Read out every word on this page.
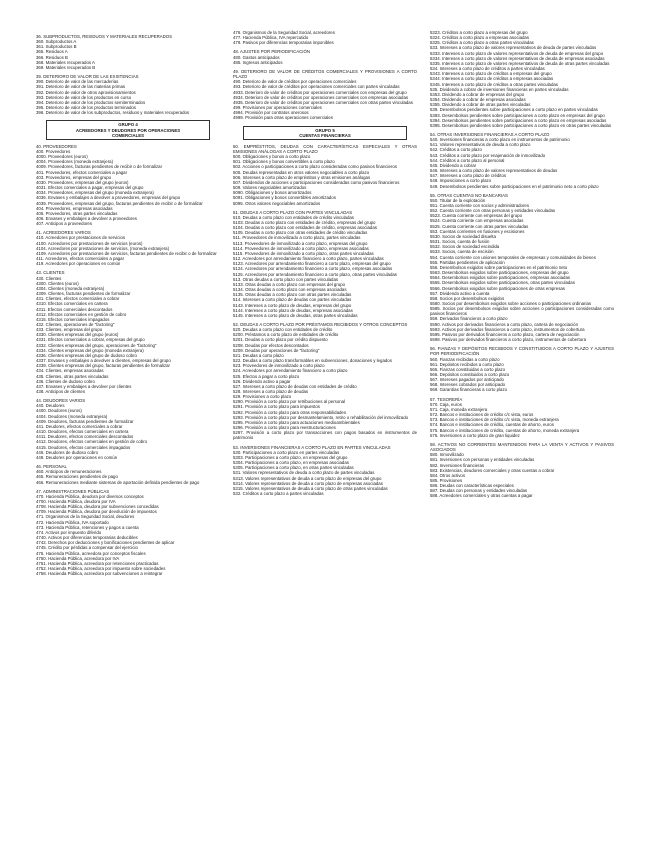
36. SUBPRODUCTOS, RESIDUOS Y MATERIALES RECUPERADOS
360. Subproductos A
361. Subproductos B
365. Residuos A
366. Residuos B
368. Materiales recuperados A
369. Materiales recuperados B
39. DETERIORO DE VALOR DE LAS EXISTENCIAS
390. Deterioro de valor de las mercaderías
391. Deterioro de valor de las materias primas
392. Deterioro de valor de otros aprovisionamientos
393. Deterioro de valor de los productos en curso
394. Deterioro de valor de los productos semiterminados
395. Deterioro de valor de los productos terminados
396. Deterioro de valor de los subproductos, residuos y materiales recuperados
GRUPO 4
ACREEDORES Y DEUDORES POR OPERACIONES
COMERCIALES
40. PROVEEDORES
400. Proveedores
4000. Proveedores (euros)
4004. Proveedores (moneda extranjera)
4009. Proveedores, facturas pendientes de recibir o de formalizar
401. Proveedores, efectos comerciales a pagar
403. Proveedores, empresas del grupo
4030. Proveedores, empresas del grupo (euros)
4031. Efectos comerciales a pagar, empresas del grupo
4034. Proveedores, empresas del grupo (moneda extranjera)
4036. Envases y embalajes a devolver a proveedores, empresas del grupo
4039. Proveedores, empresas del grupo, facturas pendientes de recibir o de formalizar
404. Proveedores, empresas asociadas
405. Proveedores, otras partes vinculadas
406. Envases y embalajes a devolver a proveedores
407. Anticipos a proveedores
41. ACREEDORES VARIOS
410. Acreedores por prestaciones de servicios
4100. Acreedores por prestaciones de servicios (euros)
4104. Acreedores por prestaciones de servicios, (moneda extranjera)
4109. Acreedores por prestaciones de servicios, facturas pendientes de recibir o de formalizar
411. Acreedores, efectos comerciales a pagar
419. Acreedores por operaciones en común
43. CLIENTES
430. Clientes
4300. Clientes (euros)
4304. Clientes (moneda extranjera)
4309. Clientes, facturas pendientes de formalizar
431. Clientes, efectos comerciales a cobrar
4310. Efectos comerciales en cartera
4311. Efectos comerciales descontados
4312. Efectos comerciales en gestión de cobro
4315. Efectos comerciales impagados
432. Clientes, operaciones de "factoring"
433. Clientes, empresas del grupo
4330. Clientes empresas del grupo (euros)
4331. Efectos comerciales a cobrar, empresas del grupo
4332. Clientes empresas del grupo, operaciones de "factoring"
4334. Clientes empresas del grupo (moneda extranjera)
4336. Clientes empresas del grupo de dudoso cobro
4337. Envases y embalajes a devolver a clientes, empresas del grupo
4339. Clientes empresas del grupo, facturas pendientes de formalizar
434. Clientes, empresas asociadas
435. Clientes, otras partes vinculadas
436. Clientes de dudoso cobro
437. Envases y embalajes a devolver por clientes
438. Anticipos de clientes
44. DEUDORES VARIOS
440. Deudores
4400. Deudores (euros)
4404. Deudores (moneda extranjera)
4409. Deudores, facturas pendientes de formalizar
441. Deudores, efectos comerciales a cobrar
4410. Deudores, efectos comerciales en cartera
4411. Deudores, efectos comerciales descontados
4412. Deudores, efectos comerciales en gestión de cobro
4415. Deudores, efectos comerciales impagados
446. Deudores de dudoso cobro
449. Deudores por operaciones en común
46. PERSONAL
460. Anticipos de remuneraciones
465. Remuneraciones pendientes de pago
466. Remuneraciones mediante sistemas de aportación definida pendientes de pago
47. ADMINISTRACIONES PÚBLICAS
470. Hacienda Pública, deudora por diversos conceptos
4700. Hacienda Pública, deudora por IVA
4708. Hacienda Pública, deudora por subvenciones concedidas
4709. Hacienda Pública, deudora por devolución de impuestos
471. Organismos de la Seguridad Social, deudores
472. Hacienda Pública, IVA soportado
473. Hacienda Pública, retenciones y pagos a cuenta
474. Activos por impuesto diferido
4740. Activos por diferencias temporarias deducibles
4742. Derechos por deducciones y bonificaciones pendientes de aplicar
4745. Crédito por pérdidas a compensar del ejercicio
475. Hacienda Pública, acreedora por conceptos fiscales
4750. Hacienda Pública, acreedora por IVA
4751. Hacienda Pública, acreedora por retenciones practicadas
4752. Hacienda Pública, acreedora por impuesto sobre sociedades
4758. Hacienda Pública, acreedora por subvenciones a reintegrar
476. Organismos de la Seguridad Social, acreedores
477. Hacienda Pública, IVA repercutido
479. Pasivos por diferencias temporarias imponibles
48. AJUSTES POR PERIODIFICACIÓN
480. Gastos anticipados
485. Ingresos anticipados
49. DETERIORO DE VALOR DE CRÉDITOS COMERCIALES Y PROVISIONES A CORTO PLAZO
490. Deterioro de valor de créditos por operaciones comerciales
493. Deterioro de valor de créditos por operaciones comerciales con partes vinculadas
4933. Deterioro de valor de créditos por operaciones comerciales con empresas del grupo
4934. Deterioro de valor de créditos por operaciones comerciales con empresas asociadas
4935. Deterioro de valor de créditos por operaciones comerciales con otras partes vinculadas
499. Provisiones por operaciones comerciales
4994. Provisión por contratos onerosos
4999. Provisión para otras operaciones comerciales
GRUPO 5
CUENTAS FINANCIERAS
50. EMPRÉSTITOS, DEUDAS CON CARACTERÍSTICAS ESPECIALES Y OTRAS EMISIONES ANÁLOGAS A CORTO PLAZO
500. Obligaciones y bonos a corto plazo
501. Obligaciones y bonos convertibles a corto plazo
502. Acciones o participaciones a corto plazo consideradas como pasivos financieros
505. Deudas representadas en otros valores negociables a corto plazo
506. Intereses a corto plazo de empréstitos y otras emisiones análogas
507. Dividendos de acciones o participaciones consideradas como pasivos financieros
509. Valores negociables amortizados
5090. Obligaciones y bonos amortizados
5091. Obligaciones y bonos convertibles amortizados
5095. Otros valores negociables amortizados
51. DEUDAS A CORTO PLAZO CON PARTES VINCULADAS
510. Deudas a corto plazo con entidades de crédito vinculadas
5103. Deudas a corto plazo con entidades de crédito, empresas del grupo
5104. Deudas a corto plazo con entidades de crédito, empresas asociadas
5105. Deudas a corto plazo con otras entidades de crédito vinculadas
511. Proveedores de inmovilizado a corto plazo, partes vinculadas
5113. Proveedores de inmovilizado a corto plazo, empresas del grupo
5114. Proveedores de inmovilizado a corto plazo, empresas asociadas
5115. Proveedores de inmovilizado a corto plazo, otras partes vinculadas
512. Acreedores por arrendamiento financiero a corto plazo, partes vinculadas
5123. Acreedores por arrendamiento financiero a corto plazo, empresas del grupo
5124. Acreedores por arrendamiento financiero a corto plazo, empresas asociadas
5125. Acreedores por arrendamiento financiero a corto plazo, otras partes vinculadas
513. Otras deudas a corto plazo con partes vinculadas
5133. Otras deudas a corto plazo con empresas del grupo
5134. Otras deudas a corto plazo con empresas asociadas
5135. Otras deudas a corto plazo con otras partes vinculadas
514. Intereses a corto plazo de deudas con partes vinculadas
5143. Intereses a corto plazo de deudas, empresas del grupo
5144. Intereses a corto plazo de deudas, empresas asociadas
5145. Intereses a corto plazo de deudas, otras partes vinculadas
52. DEUDAS A CORTO PLAZO POR PRÉSTAMOS RECIBIDOS Y OTROS CONCEPTOS
520. Deudas a corto plazo con entidades de crédito
5200. Préstamos a corto plazo de entidades de crédito
5201. Deudas a corto plazo por crédito dispuesto
5208. Deudas por efectos descontados
5209. Deudas por operaciones de "factoring"
521. Deudas a corto plazo
522. Deudas a corto plazo transformables en subvenciones, donaciones y legados
523. Proveedores de inmovilizado a corto plazo
524. Acreedores por arrendamiento financiero a corto plazo
525. Efectos a pagar a corto plazo
526. Dividendo activo a pagar
527. Intereses a corto plazo de deudas con entidades de crédito
528. Intereses a corto plazo de deudas
529. Provisiones a corto plazo
5290. Provisión a corto plazo por retribuciones al personal
5291. Provisión a corto plazo para impuestos
5292. Provisión a corto plazo para otras responsabilidades
5293. Provisión a corto plazo por desmantelamiento, retiro o rehabilitación del inmovilizado
5295. Provisión a corto plazo para actuaciones medioambientales
5296. Provisión a corto plazo para reestructuraciones
5297. Provisión a corto plazo por transacciones con pagos basados en instrumentos de patrimonio
53. INVERSIONES FINANCIERAS A CORTO PLAZO EN PARTES VINCULADAS
530. Participaciones a corto plazo en partes vinculadas
5303. Participaciones a corto plazo, en empresas del grupo
5304. Participaciones a corto plazo, en empresas asociadas
5305. Participaciones a corto plazo, en otras partes vinculadas
531. Valores representativos de deuda a corto plazo de partes vinculadas
5313. Valores representativos de deuda a corto plazo de empresas del grupo
5314. Valores representativos de deuda a corto plazo de empresas asociadas
5315. Valores representativos de deuda a corto plazo de otras partes vinculadas
532. Créditos a corto plazo a partes vinculadas
5323. Créditos a corto plazo a empresas del grupo
5324. Créditos a corto plazo a empresas asociadas
5325. Créditos a corto plazo a otras partes vinculadas
533. Intereses a corto plazo de valores representativos de deuda de partes vinculadas
5333. Intereses a corto plazo de valores representativos de deuda de empresas del grupo
5334. Intereses a corto plazo de valores representativos de deuda de empresas asociadas
5335. Intereses a corto plazo de valores representativos de deuda de otras partes vinculadas
534. Intereses a corto plazo de créditos a partes vinculadas
5343. Intereses a corto plazo de créditos a empresas del grupo
5344. Intereses a corto plazo de créditos a empresas asociadas
5345. Intereses a corto plazo de créditos a otras partes vinculadas
535. Dividendo a cobrar de inversiones financieras en partes vinculadas
5353. Dividendo a cobrar de empresas del grupo
5354. Dividendo a cobrar de empresas asociadas
5355. Dividendo a cobrar de otras partes vinculadas
539. Desembolsos pendientes sobre participaciones a corto plazo en partes vinculadas
5393. Desembolsos pendientes sobre participaciones a corto plazo en empresas del grupo
5394. Desembolsos pendientes sobre participaciones a corto plazo en empresas asociadas
5395. Desembolsos pendientes sobre participaciones a corto plazo en otras partes vinculadas
54. OTRAS INVERSIONES FINANCIERAS A CORTO PLAZO
540. Inversiones financieras a corto plazo en instrumentos de patrimonio
541. Valores representativos de deuda a corto plazo
542. Créditos a corto plazo
543. Créditos a corto plazo por enajenación de inmovilizado
544. Créditos a corto plazo al personal
545. Dividendo a cobrar
546. Intereses a corto plazo de valores representativos de deudas
547. Intereses a corto plazo de créditos
548. Imposiciones a corto plazo
549. Desembolsos pendientes sobre participaciones en el patrimonio neto a corto plazo
55. OTRAS CUENTAS NO BANCARIAS
550. Titular de la explotación
551. Cuenta corriente con socios y administradores
552. Cuenta corriente con otras personas y entidades vinculadas
5523. Cuenta corriente con empresas del grupo
5524. Cuenta corriente con empresas asociadas
5525. Cuenta corriente con otras partes vinculadas
553. Cuentas corrientes en fusiones y escisiones
5530. Socios de sociedad disuelta
5531. Socios, cuenta de fusión
5532. Socios de sociedad escindida
5533. Socios, cuenta de escisión
554. Cuenta corriente con uniones temporales de empresas y comunidades de bienes
555. Partidas pendientes de aplicación
556. Desembolsos exigidos sobre participaciones en el patrimonio neto
5563. Desembolsos exigidos sobre participaciones, empresas del grupo
5564. Desembolsos exigidos sobre participaciones, empresas asociadas
5565. Desembolsos exigidos sobre participaciones, otras partes vinculadas
5566. Desembolsos exigidos sobre participaciones de otras empresas
557. Dividendo activo a cuenta
558. Socios por desembolsos exigidos
5580. Socios por desembolsos exigidos sobre acciones o participaciones ordinarias
5585. Socios por desembolsos exigidos sobre acciones o participaciones consideradas como pasivos financieros
559. Derivados financieros a corto plazo
5590. Activos por derivados financieros a corto plazo, cartera de negociación
5593. Activos por derivados financieros a corto plazo, instrumentos de cobertura
5595. Pasivos por derivados financieros a corto plazo, cartera de negociación
5598. Pasivos por derivados financieros a corto plazo, instrumentos de cobertura
56. FIANZAS Y DEPÓSITOS RECIBIDOS Y CONSTITUIDOS A CORTO PLAZO Y AJUSTES POR PERIODIFICACIÓN
560. Fianzas recibidas a corto plazo
561. Depósitos recibidos a corto plazo
565. Fianzas constituidas a corto plazo
566. Depósitos constituidos a corto plazo
567. Intereses pagados por anticipado
568. Intereses cobrados por anticipado
569. Garantías financieras a corto plazo
57. TESORERÍA
570. Caja, euros
571. Caja, moneda extranjera
572. Bancos e instituciones de crédito c/c vista, euros
573. Bancos e instituciones de crédito c/c vista, moneda extranjera
574. Bancos e instituciones de crédito, cuentas de ahorro, euros
575. Bancos e instituciones de crédito, cuentas de ahorro, moneda extranjera
576. Inversiones a corto plazo de gran liquidez
58. ACTIVOS NO CORRIENTES MANTENIDOS PARA LA VENTA Y ACTIVOS Y PASIVOS ASOCIADOS
580. Inmovilizado
581. Inversiones con personas y entidades vinculadas
582. Inversiones financieras
583. Existencias, deudores comerciales y otras cuentas a cobrar
584. Otros activos
585. Provisiones
586. Deudas con características especiales
587. Deudas con personas y entidades vinculadas
588. Acreedores comerciales y otras cuentas a pagar
